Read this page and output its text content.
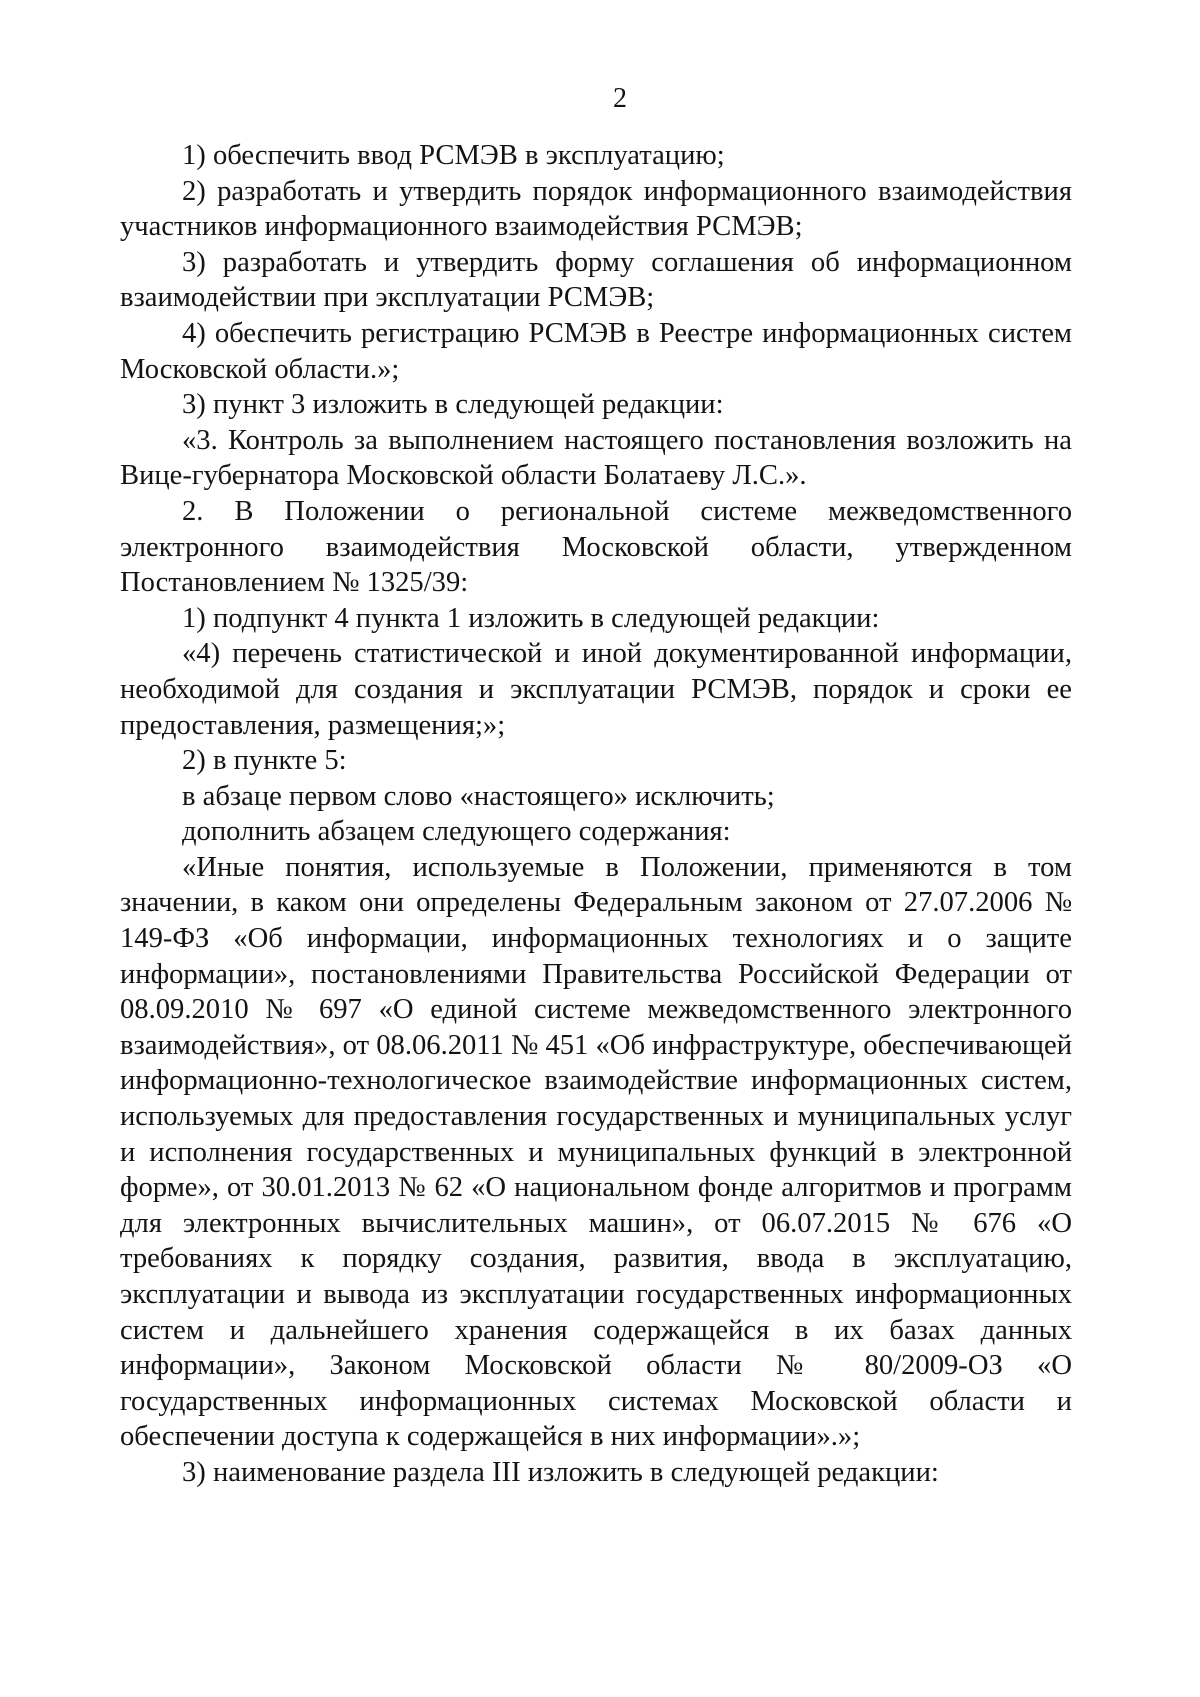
2

1) обеспечить ввод РСМЭВ в эксплуатацию;

2) разработать и утвердить порядок информационного взаимодействия участников информационного взаимодействия РСМЭВ;

3) разработать и утвердить форму соглашения об информационном взаимодействии при эксплуатации РСМЭВ;

4) обеспечить регистрацию РСМЭВ в Реестре информационных систем Московской области.»;

3) пункт 3 изложить в следующей редакции:

«3. Контроль за выполнением настоящего постановления возложить на Вице-губернатора Московской области Болатаеву Л.С.».

2. В Положении о региональной системе межведомственного электронного взаимодействия Московской области, утвержденном Постановлением № 1325/39:

1) подпункт 4 пункта 1 изложить в следующей редакции:

«4) перечень статистической и иной документированной информации, необходимой для создания и эксплуатации РСМЭВ, порядок и сроки ее предоставления, размещения;»;

2) в пункте 5:

в абзаце первом слово «настоящего» исключить;

дополнить абзацем следующего содержания:

«Иные понятия, используемые в Положении, применяются в том значении, в каком они определены Федеральным законом от 27.07.2006 № 149-ФЗ «Об информации, информационных технологиях и о защите информации», постановлениями Правительства Российской Федерации от 08.09.2010 № 697 «О единой системе межведомственного электронного взаимодействия», от 08.06.2011 № 451 «Об инфраструктуре, обеспечивающей информационно-технологическое взаимодействие информационных систем, используемых для предоставления государственных и муниципальных услуг и исполнения государственных и муниципальных функций в электронной форме», от 30.01.2013 № 62 «О национальном фонде алгоритмов и программ для электронных вычислительных машин», от 06.07.2015 № 676 «О требованиях к порядку создания, развития, ввода в эксплуатацию, эксплуатации и вывода из эксплуатации государственных информационных систем и дальнейшего хранения содержащейся в их базах данных информации», Законом Московской области № 80/2009-ОЗ «О государственных информационных системах Московской области и обеспечении доступа к содержащейся в них информации».»;

3) наименование раздела III изложить в следующей редакции:
